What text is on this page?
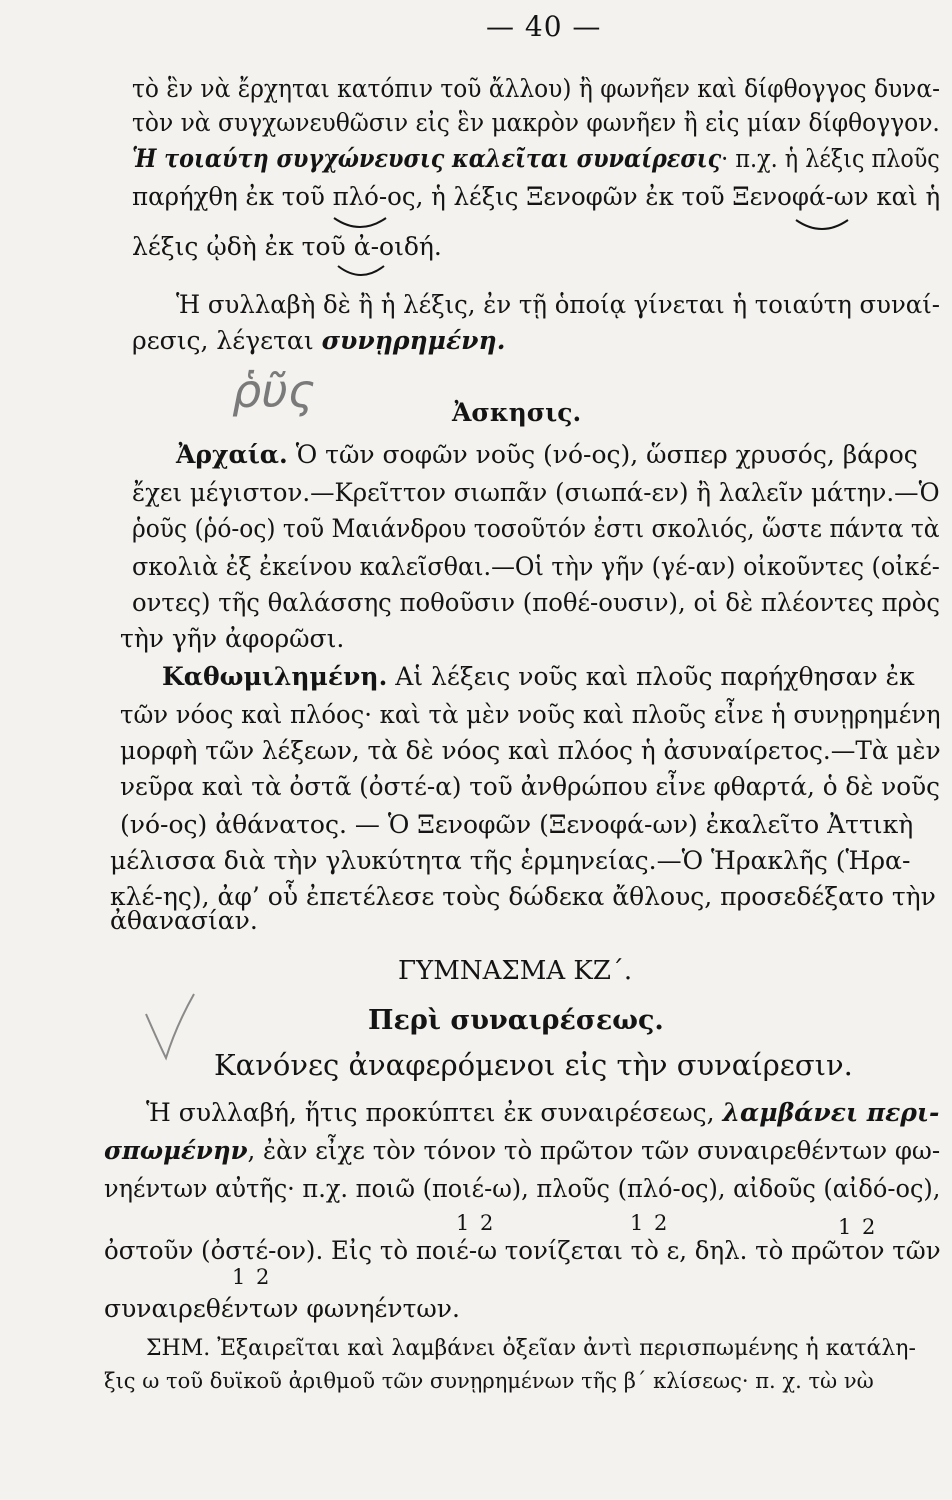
— 40 —
τὸ ἓν νὰ ἔρχηται κατόπιν τοῦ ἄλλου) ἢ φωνῆεν καὶ δίφθογγος δυνα-
τὸν νὰ συγχωνευθῶσιν εἰς ἓν μακρὸν φωνῆεν ἢ εἰς μίαν δίφθογγον.
Ἡ τοιαύτη συγχώνευσις καλεῖται συναίρεσις· π.χ. ἡ λέξις πλοῦς
παρήχθη ἐκ τοῦ πλό-ος, ἡ λέξις Ξενοφῶν ἐκ τοῦ Ξενοφά-ων καὶ ἡ
λέξις ᾠδὴ ἐκ τοῦ ἀ-οιδή.
Ἡ συλλαβὴ δὲ ἢ ἡ λέξις, ἐν τῇ ὁποίᾳ γίνεται ἡ τοιαύτη συναί-
ρεσις, λέγεται συνῃρημένη.
ῥῦς	Ἀσκησις.
Ἀρχαία. Ὁ τῶν σοφῶν νοῦς (νό-ος), ὥσπερ χρυσός, βάρος
ἔχει μέγιστον.—Κρεῖττον σιωπᾶν (σιωπά-εν) ἢ λαλεῖν μάτην.—Ὁ
ῥοῦς (ῥό-ος) τοῦ Μαιάνδρου τοσοῦτόν ἐστι σκολιός, ὥστε πάντα τὰ
σκολιὰ ἐξ ἐκείνου καλεῖσθαι.—Οἱ τὴν γῆν (γέ-αν) οἰκοῦντες (οἰκέ-
οντες) τῆς θαλάσσης ποθοῦσιν (ποθέ-ουσιν), οἱ δὲ πλέοντες πρὸς
τὴν γῆν ἀφορῶσι.
Καθωμιλημένη. Αἱ λέξεις νοῦς καὶ πλοῦς παρήχθησαν ἐκ
τῶν νόος καὶ πλόος· καὶ τὰ μὲν νοῦς καὶ πλοῦς εἶνε ἡ συνῃρημένη
μορφὴ τῶν λέξεων, τὰ δὲ νόος καὶ πλόος ἡ ἀσυναίρετος.—Τὰ μὲν
νεῦρα καὶ τὰ ὀστᾶ (ὀστέ-α) τοῦ ἀνθρώπου εἶνε φθαρτά, ὁ δὲ νοῦς
(νό-ος) ἀθάνατος. — Ὁ Ξενοφῶν (Ξενοφά-ων) ἐκαλεῖτο Ἀττικὴ
μέλισσα διὰ τὴν γλυκύτητα τῆς ἑρμηνείας.—Ὁ Ἡρακλῆς (Ἡρα-
κλέ-ης), ἀφ’ οὗ ἐπετέλεσε τοὺς δώδεκα ἄθλους, προσεδέξατο τὴν
ἀθανασίαν.
ΓΥΜΝΑΣΜΑ ΚΖ΄.
Περὶ συναιρέσεως.
Κανόνες ἀναφερόμενοι εἰς τὴν συναίρεσιν.
Ἡ συλλαβή, ἥτις προκύπτει ἐκ συναιρέσεως, λαμβάνει περι-
σπωμένην, ἐὰν εἶχε τὸν τόνον τὸ πρῶτον τῶν συναιρεθέντων φω-
νηέντων αὐτῆς· π.χ. ποιῶ (ποιέ-ω), πλοῦς (πλό-ος), αἰδοῦς (αἰδό-ος),
1 2	1 2	1 2
ὀστοῦν (ὀστέ-ον). Εἰς τὸ ποιέ-ω τονίζεται τὸ ε, δηλ. τὸ πρῶτον τῶν
1 2
συναιρεθέντων φωνηέντων.
ΣΗΜ. Ἐξαιρεῖται καὶ λαμβάνει ὀξεῖαν ἀντὶ περισπωμένης ἡ κατάλη-
ξις ω τοῦ δυϊκοῦ ἀριθμοῦ τῶν συνῃρημένων τῆς β΄ κλίσεως· π. χ. τὼ νὼ
